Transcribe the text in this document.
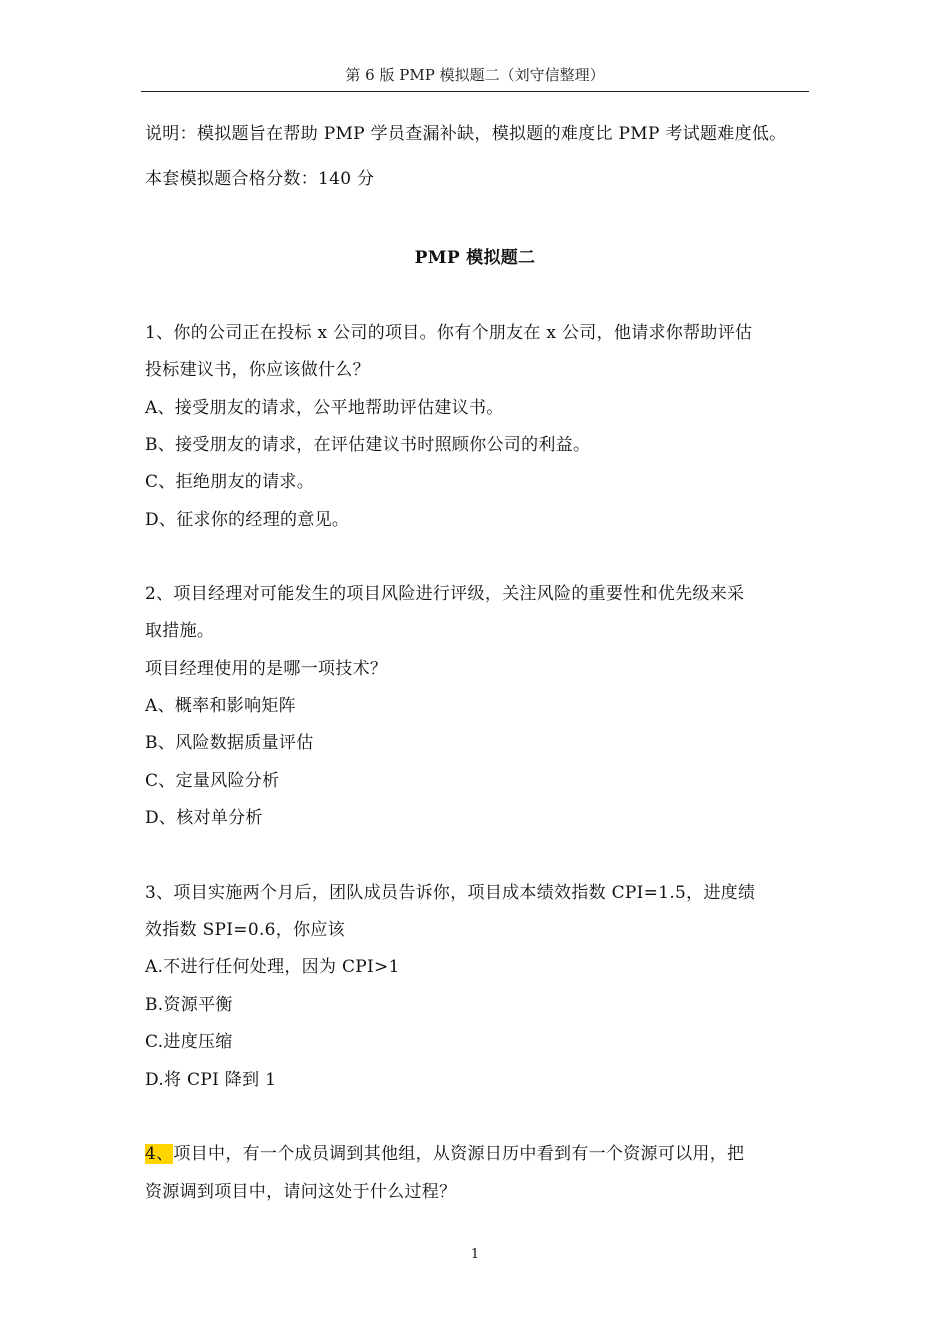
第 6 版 PMP 模拟题二（刘守信整理）
说明：模拟题旨在帮助 PMP 学员查漏补缺，模拟题的难度比 PMP 考试题难度低。
本套模拟题合格分数：140 分
PMP 模拟题二
1、你的公司正在投标 x 公司的项目。你有个朋友在 x 公司，他请求你帮助评估
投标建议书，你应该做什么？
A、接受朋友的请求，公平地帮助评估建议书。
B、接受朋友的请求，在评估建议书时照顾你公司的利益。
C、拒绝朋友的请求。
D、征求你的经理的意见。
2、项目经理对可能发生的项目风险进行评级，关注风险的重要性和优先级来采
取措施。
项目经理使用的是哪一项技术？
A、概率和影响矩阵
B、风险数据质量评估
C、定量风险分析
D、核对单分析
3、项目实施两个月后，团队成员告诉你，项目成本绩效指数 CPI=1.5，进度绩
效指数 SPI=0.6，你应该
A.不进行任何处理，因为 CPI>1
B.资源平衡
C.进度压缩
D.将 CPI 降到 1
4、项目中，有一个成员调到其他组，从资源日历中看到有一个资源可以用，把
资源调到项目中，请问这处于什么过程？
1
